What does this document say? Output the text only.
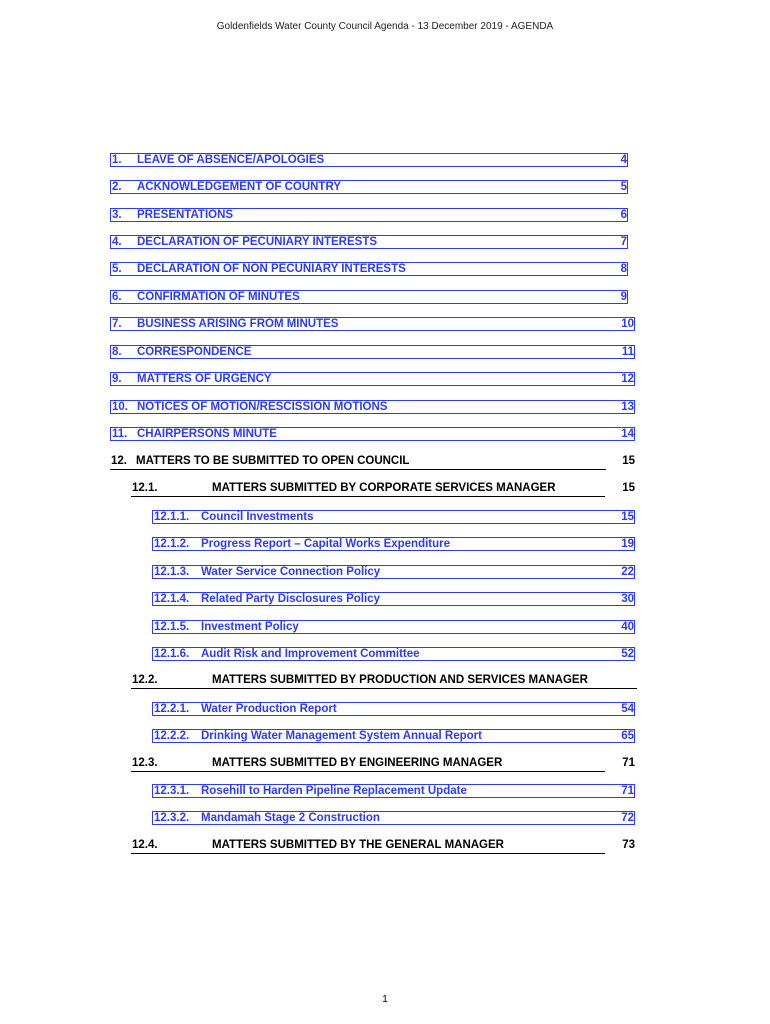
Goldenfields Water County Council Agenda - 13 December 2019 - AGENDA
1. LEAVE OF ABSENCE/APOLOGIES	4
2. ACKNOWLEDGEMENT OF COUNTRY	5
3. PRESENTATIONS	6
4. DECLARATION OF PECUNIARY INTERESTS	7
5. DECLARATION OF NON PECUNIARY INTERESTS	8
6. CONFIRMATION OF MINUTES	9
7. BUSINESS ARISING FROM MINUTES	10
8. CORRESPONDENCE	11
9. MATTERS OF URGENCY	12
10. NOTICES OF MOTION/RESCISSION MOTIONS	13
11. CHAIRPERSONS MINUTE	14
12. MATTERS TO BE SUBMITTED TO OPEN COUNCIL	15
12.1.	MATTERS SUBMITTED BY CORPORATE SERVICES MANAGER	15
12.1.1. Council Investments	15
12.1.2. Progress Report – Capital Works Expenditure	19
12.1.3. Water Service Connection Policy	22
12.1.4. Related Party Disclosures Policy	30
12.1.5. Investment Policy	40
12.1.6. Audit Risk and Improvement Committee	52
12.2.	MATTERS SUBMITTED BY PRODUCTION AND SERVICES MANAGER
12.2.1. Water Production Report	54
12.2.2. Drinking Water Management System Annual Report	65
12.3.	MATTERS SUBMITTED BY ENGINEERING MANAGER	71
12.3.1. Rosehill to Harden Pipeline Replacement Update	71
12.3.2. Mandamah Stage 2 Construction	72
12.4.	MATTERS SUBMITTED BY THE GENERAL MANAGER	73
1
